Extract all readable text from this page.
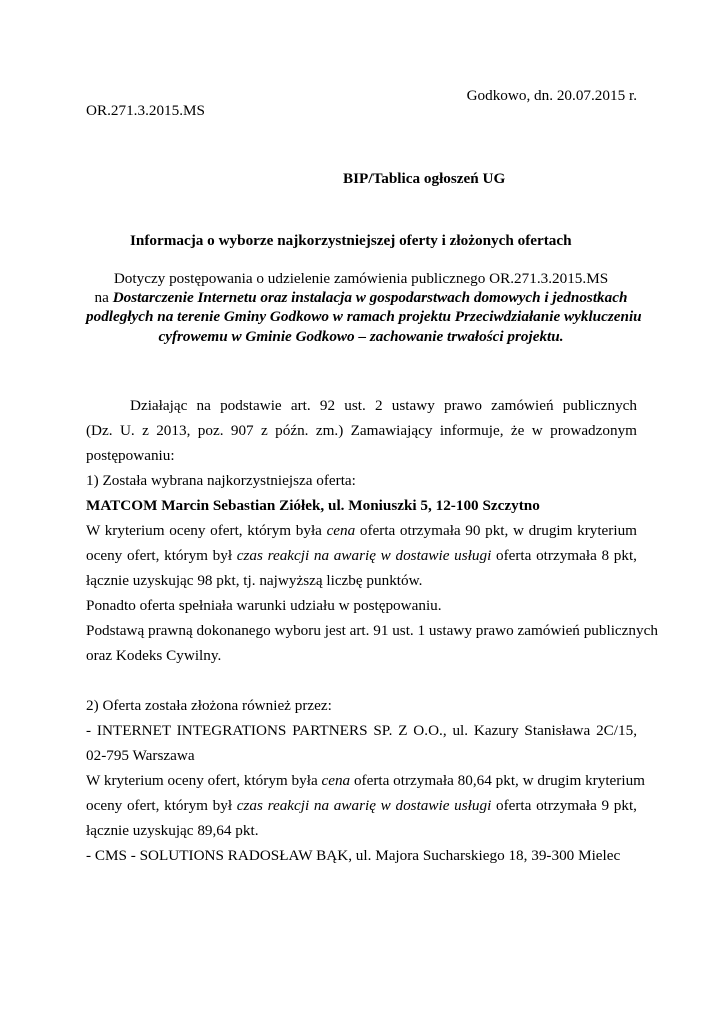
Godkowo, dn. 20.07.2015 r.
OR.271.3.2015.MS
BIP/Tablica ogłoszeń UG
Informacja o wyborze najkorzystniejszej oferty i złożonych ofertach
Dotyczy postępowania o udzielenie zamówienia publicznego OR.271.3.2015.MS
na Dostarczenie Internetu oraz instalacja w gospodarstwach domowych i jednostkach
podległych na terenie Gminy Godkowo w ramach projektu Przeciwdziałanie wykluczeniu
cyfrowemu w Gminie Godkowo – zachowanie trwałości projektu.
Działając na podstawie art. 92 ust. 2 ustawy prawo zamówień publicznych
(Dz. U. z 2013, poz. 907 z późn. zm.) Zamawiający informuje, że w prowadzonym
postępowaniu:
1) Została wybrana najkorzystniejsza oferta:
MATCOM Marcin Sebastian Ziółek, ul. Moniuszki 5, 12-100 Szczytno
W kryterium oceny ofert, którym była cena oferta otrzymała 90 pkt, w drugim kryterium
oceny ofert, którym był czas reakcji na awarię w dostawie usługi oferta otrzymała 8 pkt,
łącznie uzyskując 98 pkt, tj. najwyższą liczbę punktów.
Ponadto oferta spełniała warunki udziału w postępowaniu.
Podstawą prawną dokonanego wyboru jest art. 91 ust. 1 ustawy prawo zamówień publicznych
oraz Kodeks Cywilny.
2) Oferta została złożona również przez:
- INTERNET INTEGRATIONS PARTNERS SP. Z O.O., ul. Kazury Stanisława 2C/15,
02-795 Warszawa
W kryterium oceny ofert, którym była cena oferta otrzymała 80,64 pkt, w drugim kryterium
oceny ofert, którym był czas reakcji na awarię w dostawie usługi oferta otrzymała 9 pkt,
łącznie uzyskując 89,64 pkt.
- CMS - SOLUTIONS RADOSŁAW BĄK, ul. Majora Sucharskiego 18, 39-300 Mielec
